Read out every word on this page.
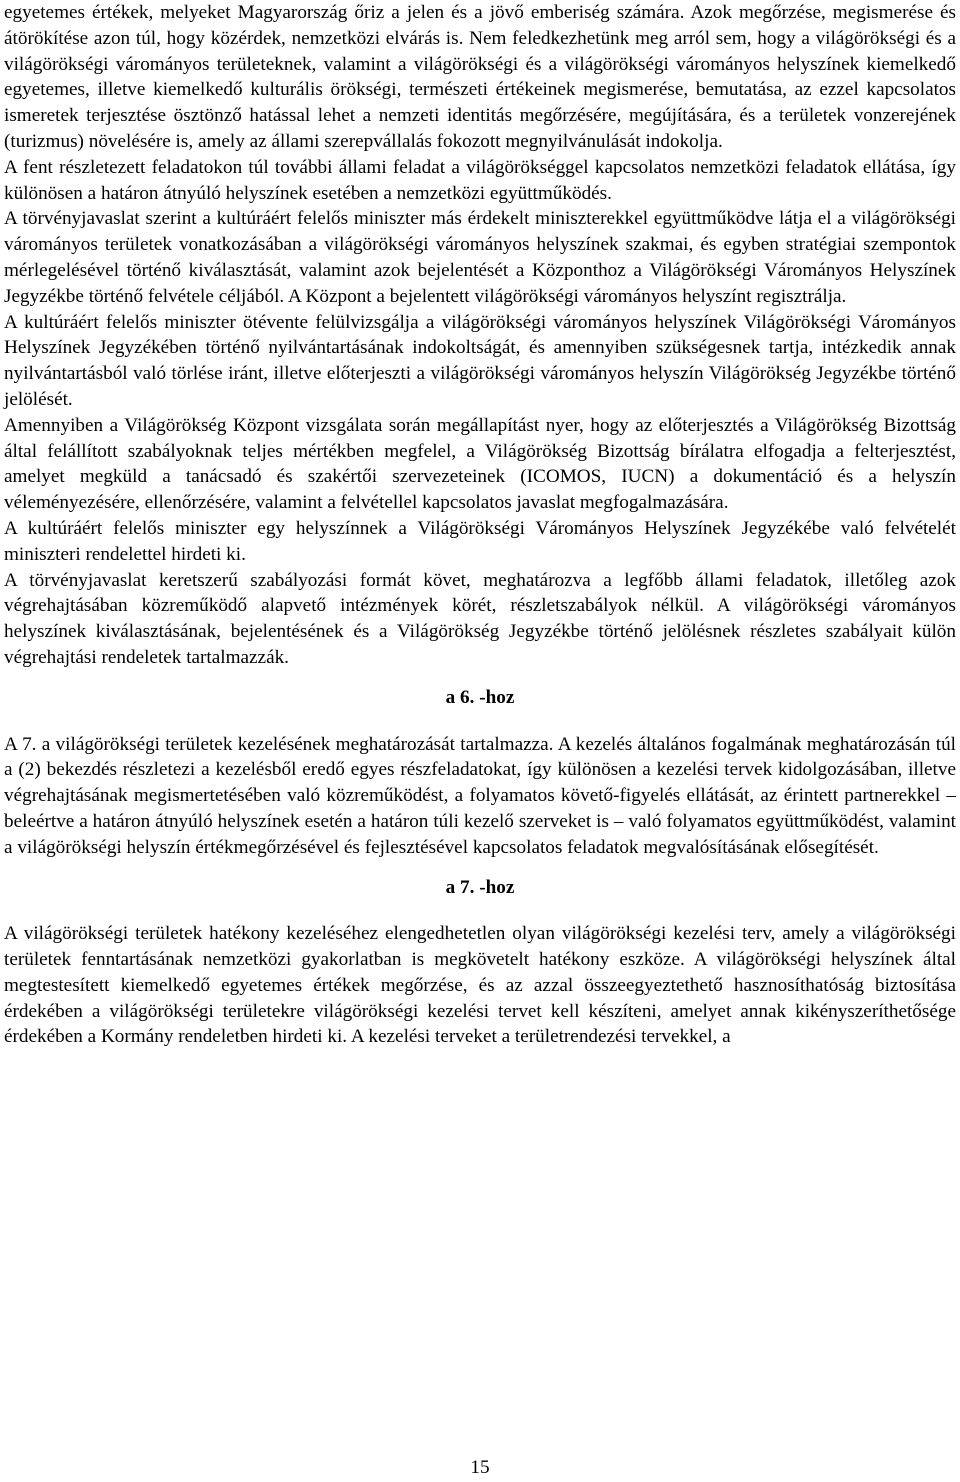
egyetemes értékek, melyeket Magyarország őriz a jelen és a jövő emberiség számára. Azok megőrzése, megismerése és átörökítése azon túl, hogy közérdek, nemzetközi elvárás is. Nem feledkezhetünk meg arról sem, hogy a világörökségi és a világörökségi várományos területeknek, valamint a világörökségi és a világörökségi várományos helyszínek kiemelkedő egyetemes, illetve kiemelkedő kulturális örökségi, természeti értékeinek megismerése, bemutatása, az ezzel kapcsolatos ismeretek terjesztése ösztönző hatással lehet a nemzeti identitás megőrzésére, megújítására, és a területek vonzerejének (turizmus) növelésére is, amely az állami szerepvállalás fokozott megnyilvánulását indokolja.

A fent részletezett feladatokon túl további állami feladat a világörökséggel kapcsolatos nemzetközi feladatok ellátása, így különösen a határon átnyúló helyszínek esetében a nemzetközi együttműködés.

A törvényjavaslat szerint a kultúráért felelős miniszter más érdekelt miniszterekkel együttműködve látja el a világörökségi várományos területek vonatkozásában a világörökségi várományos helyszínek szakmai, és egyben stratégiai szempontok mérlegelésével történő kiválasztását, valamint azok bejelentését a Központhoz a Világörökségi Várományos Helyszínek Jegyzékbe történő felvétele céljából. A Központ a bejelentett világörökségi várományos helyszínt regisztrálja.

A kultúráért felelős miniszter ötévente felülvizsgálja a világörökségi várományos helyszínek Világörökségi Várományos Helyszínek Jegyzékében történő nyilvántartásának indokoltságát, és amennyiben szükségesnek tartja, intézkedik annak nyilvántartásból való törlése iránt, illetve előterjeszti a világörökségi várományos helyszín Világörökség Jegyzékbe történő jelölését.

Amennyiben a Világörökség Központ vizsgálata során megállapítást nyer, hogy az előterjesztés a Világörökség Bizottság által felállított szabályoknak teljes mértékben megfelel, a Világörökség Bizottság bírálatra elfogadja a felterjesztést, amelyet megküld a tanácsadó és szakértői szervezeteinek (ICOMOS, IUCN) a dokumentáció és a helyszín véleményezésére, ellenőrzésére, valamint a felvétellel kapcsolatos javaslat megfogalmazására.

A kultúráért felelős miniszter egy helyszínnek a Világörökségi Várományos Helyszínek Jegyzékébe való felvételét miniszteri rendelettel hirdeti ki.

A törvényjavaslat keretszerű szabályozási formát követ, meghatározva a legfőbb állami feladatok, illetőleg azok végrehajtásában közreműködő alapvető intézmények körét, részletszabályok nélkül. A világörökségi várományos helyszínek kiválasztásának, bejelentésének és a Világörökség Jegyzékbe történő jelölésnek részletes szabályait külön végrehajtási rendeletek tartalmazzák.

a 6. -hoz

A 7. a világörökségi területek kezelésének meghatározását tartalmazza. A kezelés általános fogalmának meghatározásán túl a (2) bekezdés részletezi a kezelésből eredő egyes részfeladatokat, így különösen a kezelési tervek kidolgozásában, illetve végrehajtásának megismertetésében való közreműködést, a folyamatos követő-figyelés ellátását, az érintett partnerekkel – beleértve a határon átnyúló helyszínek esetén a határon túli kezelő szerveket is – való folyamatos együttműködést, valamint a világörökségi helyszín értékmegőrzésével és fejlesztésével kapcsolatos feladatok megvalósításának elősegítését.

a 7. -hoz

A világörökségi területek hatékony kezeléséhez elengedhetetlen olyan világörökségi kezelési terv, amely a világörökségi területek fenntartásának nemzetközi gyakorlatban is megkövetelt hatékony eszköze. A világörökségi helyszínek által megtestesített kiemelkedő egyetemes értékek megőrzése, és az azzal összeegyeztethető hasznosíthatóság biztosítása érdekében a világörökségi területekre világörökségi kezelési tervet kell készíteni, amelyet annak kikényszeríthetősége érdekében a Kormány rendeletben hirdeti ki. A kezelési terveket a területrendezési tervekkel, a

15
